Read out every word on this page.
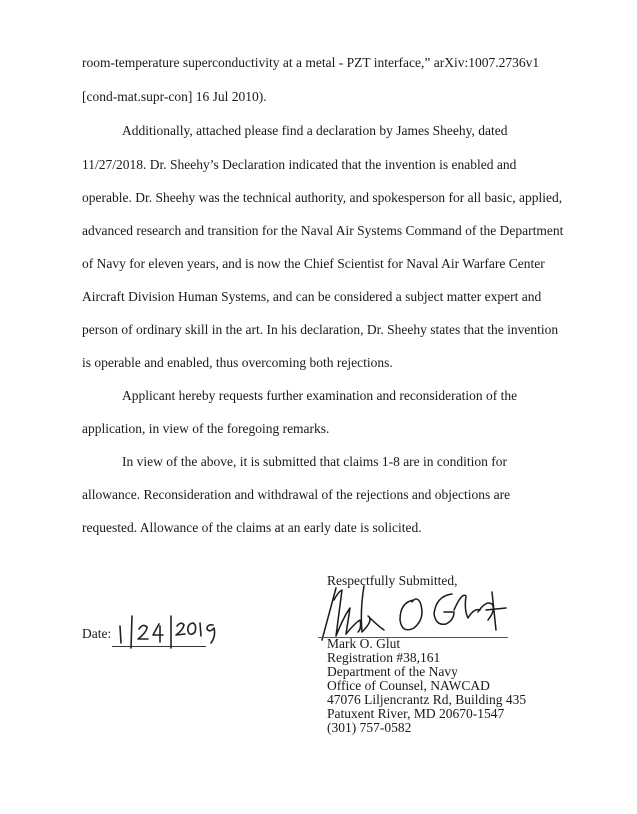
room-temperature superconductivity at a metal - PZT interface,” arXiv:1007.2736v1
[cond-mat.supr-con] 16 Jul 2010).
Additionally, attached please find a declaration by James Sheehy, dated
11/27/2018. Dr. Sheehy’s Declaration indicated that the invention is enabled and
operable. Dr. Sheehy was the technical authority, and spokesperson for all basic, applied,
advanced research and transition for the Naval Air Systems Command of the Department
of Navy for eleven years, and is now the Chief Scientist for Naval Air Warfare Center
Aircraft Division Human Systems, and can be considered a subject matter expert and
person of ordinary skill in the art. In his declaration, Dr. Sheehy states that the invention
is operable and enabled, thus overcoming both rejections.
Applicant hereby requests further examination and reconsideration of the
application, in view of the foregoing remarks.
In view of the above, it is submitted that claims 1-8 are in condition for
allowance. Reconsideration and withdrawal of the rejections and objections are
requested. Allowance of the claims at an early date is solicited.
Respectfully Submitted,
Date:
Mark O. Glut
Registration #38,161
Department of the Navy
Office of Counsel, NAWCAD
47076 Liljencrantz Rd, Building 435
Patuxent River, MD 20670-1547
(301) 757-0582
